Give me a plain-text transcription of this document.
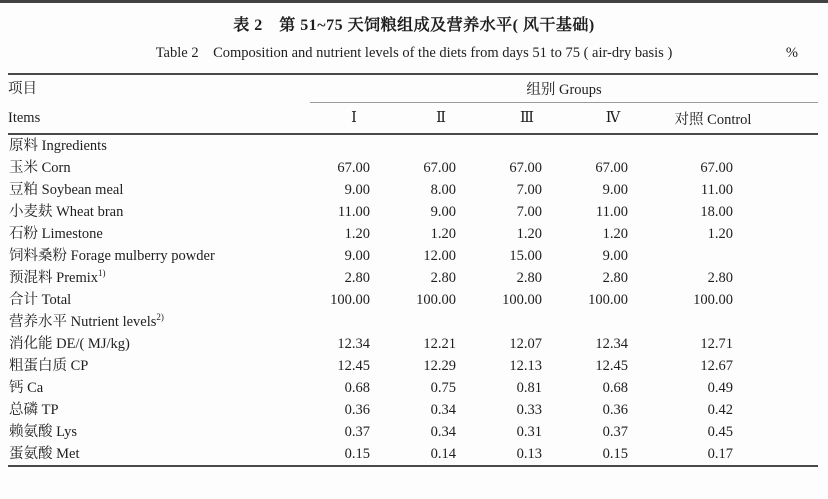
表 2　第 51~75 天饲粮组成及营养水平( 风干基础)
Table 2　Composition and nutrient levels of the diets from days 51 to 75 ( air-dry basis )	%
项目
Items	组别 Groups				
	Ⅰ	Ⅱ	Ⅲ	Ⅳ	对照 Control
原料 Ingredients					
玉米 Corn	67.00	67.00	67.00	67.00	67.00
豆粕 Soybean meal	9.00	8.00	7.00	9.00	11.00
小麦麸 Wheat bran	11.00	9.00	7.00	11.00	18.00
石粉 Limestone	1.20	1.20	1.20	1.20	1.20
饲料桑粉 Forage mulberry powder	9.00	12.00	15.00	9.00	
预混料 Premix$^{1)}$	2.80	2.80	2.80	2.80	2.80
合计 Total	100.00	100.00	100.00	100.00	100.00
营养水平 Nutrient levels$^{2)}$					
消化能 DE/( MJ/kg)	12.34	12.21	12.07	12.34	12.71
粗蛋白质 CP	12.45	12.29	12.13	12.45	12.67
钙 Ca	0.68	0.75	0.81	0.68	0.49
总磷 TP	0.36	0.34	0.33	0.36	0.42
赖氨酸 Lys	0.37	0.34	0.31	0.37	0.45
蛋氨酸 Met	0.15	0.14	0.13	0.15	0.17
